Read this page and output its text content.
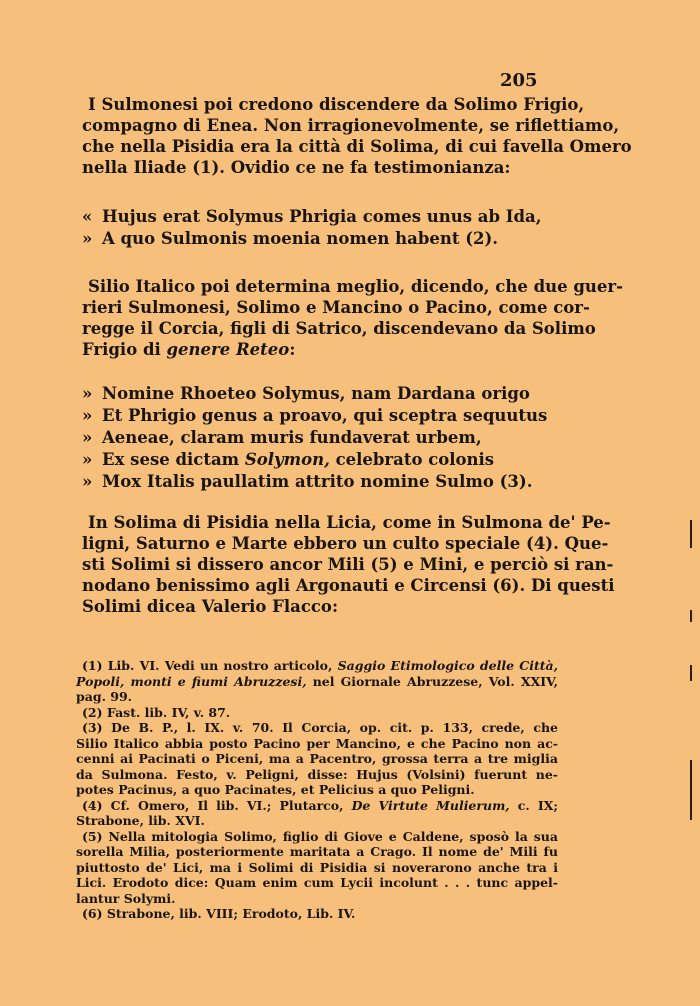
205
I Sulmonesi poi credono discendere da Solimo Frigio,
compagno di Enea. Non irragionevolmente, se riflettiamo,
che nella Pisidia era la città di Solima, di cui favella Omero
nella Iliade (1). Ovidio ce ne fa testimonianza:
« Hujus erat Solymus Phrigia comes unus ab Ida,
» A quo Sulmonis moenia nomen habent (2).
Silio Italico poi determina meglio, dicendo, che due guer-
rieri Sulmonesi, Solimo e Mancino o Pacino, come cor-
regge il Corcia, figli di Satrico, discendevano da Solimo
Frigio di genere Reteo:
» Nomine Rhoeteo Solymus, nam Dardana origo
» Et Phrigio genus a proavo, qui sceptra sequutus
» Aeneae, claram muris fundaverat urbem,
» Ex sese dictam Solymon, celebrato colonis
» Mox Italis paullatim attrito nomine Sulmo (3).
In Solima di Pisidia nella Licia, come in Sulmona de' Pe-
ligni, Saturno e Marte ebbero un culto speciale (4). Que-
sti Solimi si dissero ancor Mili (5) e Mini, e perciò si ran-
nodano benissimo agli Argonauti e Circensi (6). Di questi
Solimi dicea Valerio Flacco:
(1) Lib. VI. Vedi un nostro articolo, Saggio Etimologico delle Città,
Popoli, monti e fiumi Abruzzesi, nel Giornale Abruzzese, Vol. XXIV,
pag. 99.
(2) Fast. lib. IV, v. 87.
(3) De B. P., l. IX. v. 70. Il Corcia, op. cit. p. 133, crede, che
Silio Italico abbia posto Pacino per Mancino, e che Pacino non ac-
cenni ai Pacinati o Piceni, ma a Pacentro, grossa terra a tre miglia
da Sulmona. Festo, v. Peligni, disse: Hujus (Volsini) fuerunt ne-
potes Pacinus, a quo Pacinates, et Pelicius a quo Peligni.
(4) Cf. Omero, Il lib. VI.; Plutarco, De Virtute Mulierum, c. IX;
Strabone, lib. XVI.
(5) Nella mitologia Solimo, figlio di Giove e Caldene, sposò la sua
sorella Milia, posteriormente maritata a Crago. Il nome de' Mili fu
piuttosto de' Lici, ma i Solimi di Pisidia si noverarono anche tra i
Lici. Erodoto dice: Quam enim cum Lycii incolunt . . . tunc appel-
lantur Solymi.
(6) Strabone, lib. VIII; Erodoto, Lib. IV.
